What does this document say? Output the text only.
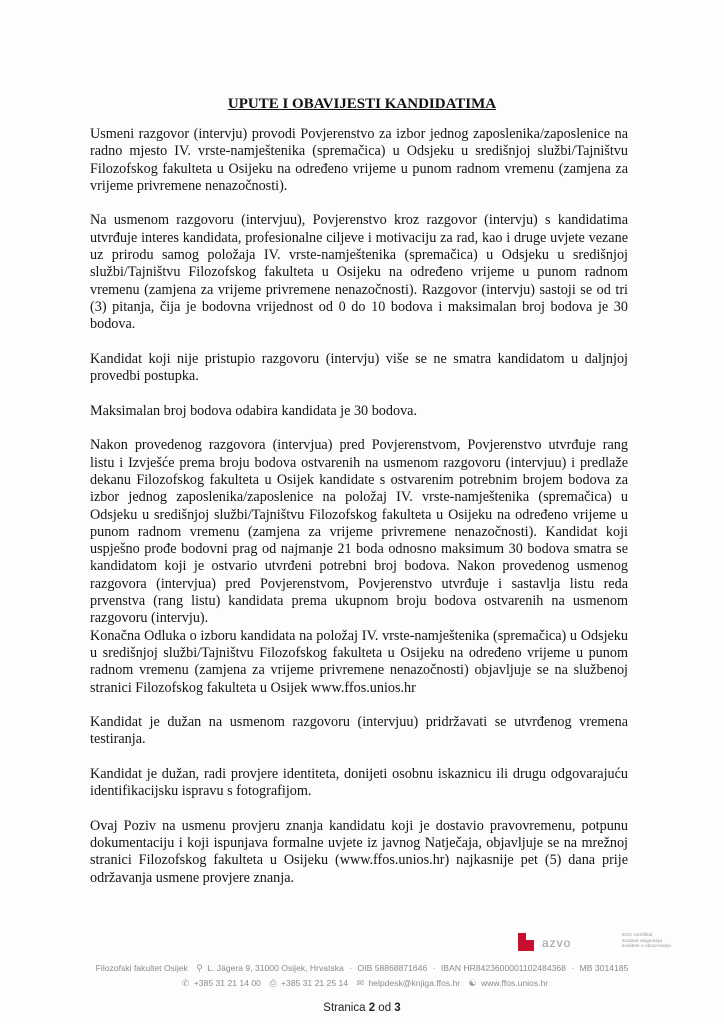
UPUTE I OBAVIJESTI KANDIDATIMA

Usmeni razgovor (intervju) provodi Povjerenstvo za izbor jednog zaposlenika/zaposlenice na radno mjesto IV. vrste-namještenika (spremačica) u Odsjeku u središnjoj službi/Tajništvu Filozofskog fakulteta u Osijeku na određeno vrijeme u punom radnom vremenu (zamjena za vrijeme privremene nenazočnosti).

Na usmenom razgovoru (intervjuu), Povjerenstvo kroz razgovor (intervju) s kandidatima utvrđuje interes kandidata, profesionalne ciljeve i motivaciju za rad, kao i druge uvjete vezane uz prirodu samog položaja IV. vrste-namještenika (spremačica) u Odsjeku u središnjoj službi/Tajništvu Filozofskog fakulteta u Osijeku na određeno vrijeme u punom radnom vremenu (zamjena za vrijeme privremene nenazočnosti). Razgovor (intervju) sastoji se od tri (3) pitanja, čija je bodovna vrijednost od 0 do 10 bodova i maksimalan broj bodova je 30 bodova.

Kandidat koji nije pristupio razgovoru (intervju) više se ne smatra kandidatom u daljnjoj provedbi postupka.

Maksimalan broj bodova odabira kandidata je 30 bodova.

Nakon provedenog razgovora (intervjua) pred Povjerenstvom, Povjerenstvo utvrđuje rang listu i Izvješće prema broju bodova ostvarenih na usmenom razgovoru (intervjuu) i predlaže dekanu Filozofskog fakulteta u Osijek kandidate s ostvarenim potrebnim brojem bodova za izbor jednog zaposlenika/zaposlenice na položaj IV. vrste-namještenika (spremačica) u Odsjeku u središnjoj službi/Tajništvu Filozofskog fakulteta u Osijeku na određeno vrijeme u punom radnom vremenu (zamjena za vrijeme privremene nenazočnosti). Kandidat koji uspješno prođe bodovni prag od najmanje 21 boda odnosno maksimum 30 bodova smatra se kandidatom koji je ostvario utvrđeni potrebni broj bodova. Nakon provedenog usmenog razgovora (intervjua) pred Povjerenstvom, Povjerenstvo utvrđuje i sastavlja listu reda prvenstva (rang listu) kandidata prema ukupnom broju bodova ostvarenih na usmenom razgovoru (intervju).

Konačna Odluka o izboru kandidata na položaj IV. vrste-namještenika (spremačica) u Odsjeku u središnjoj službi/Tajništvu Filozofskog fakulteta u Osijeku na određeno vrijeme u punom radnom vremenu (zamjena za vrijeme privremene nenazočnosti) objavljuje se na službenoj stranici Filozofskog fakulteta u Osijek www.ffos.unios.hr

Kandidat je dužan na usmenom razgovoru (intervjuu) pridržavati se utvrđenog vremena testiranja.

Kandidat je dužan, radi provjere identiteta, donijeti osobnu iskaznicu ili drugu odgovarajuću identifikacijsku ispravu s fotografijom.

Ovaj Poziv na usmenu provjeru znanja kandidatu koji je dostavio pravovremenu, potpunu dokumentaciju i koji ispunjava formalne uvjete iz javnog Natječaja, objavljuje se na mrežnoj stranici Filozofskog fakulteta u Osijeku (www.ffos.unios.hr) najkasnije pet (5) dana prije održavanja usmene provjere znanja.

azvo
ESG Certifikat
sustava osiguranja
kvalitete u obrazovanju
Filozofski fakultet Osijek ⚲ L. Jägera 9, 31000 Osijek, Hrvatska · OIB 58868871646 · IBAN HR8423600001102484368 · MB 3014185
✆ +385 31 21 14 00 ⎙ +385 31 21 25 14 ✉ helpdesk@knjiga.ffos.hr ☯ www.ffos.unios.hr
Stranica 2 od 3
